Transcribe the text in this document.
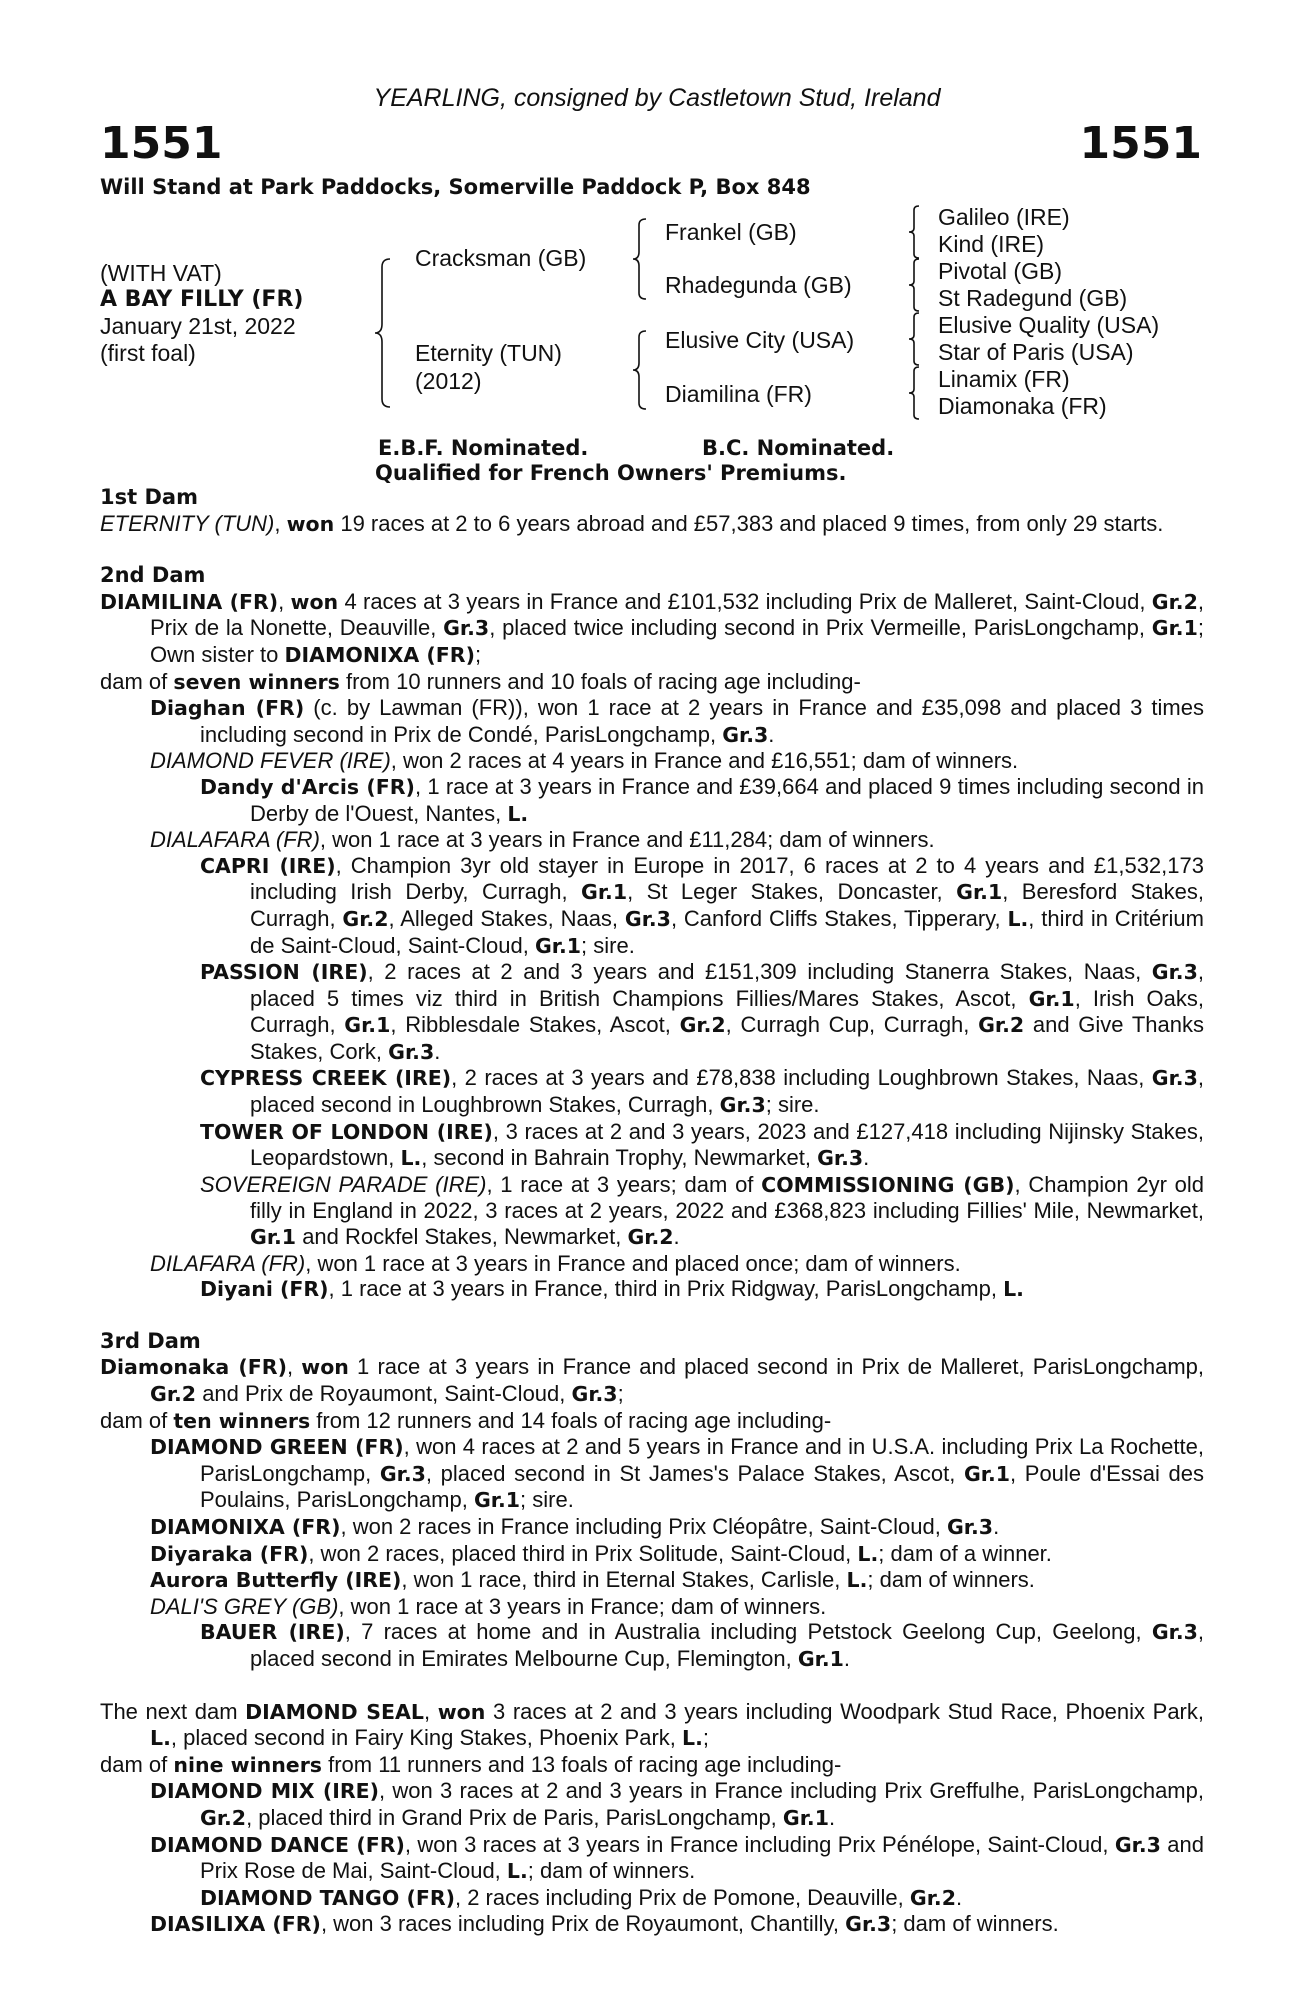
YEARLING, consigned by Castletown Stud, Ireland
1551	1551
Will Stand at Park Paddocks, Somerville Paddock P, Box 848
(WITH VAT)
A BAY FILLY (FR)
January 21st, 2022
(first foal)
Cracksman (GB)
Eternity (TUN)
(2012)
Frankel (GB)
Rhadegunda (GB)
Elusive City (USA)
Diamilina (FR)
Galileo (IRE)
Kind (IRE)
Pivotal (GB)
St Radegund (GB)
Elusive Quality (USA)
Star of Paris (USA)
Linamix (FR)
Diamonaka (FR)
E.B.F. Nominated.	B.C. Nominated.
Qualified for French Owners' Premiums.
1st Dam
ETERNITY (TUN), won 19 races at 2 to 6 years abroad and £57,383 and placed 9 times, from only 29 starts.
2nd Dam
DIAMILINA (FR), won 4 races at 3 years in France and £101,532 including Prix de Malleret, Saint-Cloud, Gr.2, Prix de la Nonette, Deauville, Gr.3, placed twice including second in Prix Vermeille, ParisLongchamp, Gr.1; Own sister to DIAMONIXA (FR);
dam of seven winners from 10 runners and 10 foals of racing age including-
Diaghan (FR) (c. by Lawman (FR)), won 1 race at 2 years in France and £35,098 and placed 3 times including second in Prix de Condé, ParisLongchamp, Gr.3.
DIAMOND FEVER (IRE), won 2 races at 4 years in France and £16,551; dam of winners.
Dandy d'Arcis (FR), 1 race at 3 years in France and £39,664 and placed 9 times including second in Derby de l'Ouest, Nantes, L.
DIALAFARA (FR), won 1 race at 3 years in France and £11,284; dam of winners.
CAPRI (IRE), Champion 3yr old stayer in Europe in 2017, 6 races at 2 to 4 years and £1,532,173 including Irish Derby, Curragh, Gr.1, St Leger Stakes, Doncaster, Gr.1, Beresford Stakes, Curragh, Gr.2, Alleged Stakes, Naas, Gr.3, Canford Cliffs Stakes, Tipperary, L., third in Critérium de Saint-Cloud, Saint-Cloud, Gr.1; sire.
PASSION (IRE), 2 races at 2 and 3 years and £151,309 including Stanerra Stakes, Naas, Gr.3, placed 5 times viz third in British Champions Fillies/Mares Stakes, Ascot, Gr.1, Irish Oaks, Curragh, Gr.1, Ribblesdale Stakes, Ascot, Gr.2, Curragh Cup, Curragh, Gr.2 and Give Thanks Stakes, Cork, Gr.3.
CYPRESS CREEK (IRE), 2 races at 3 years and £78,838 including Loughbrown Stakes, Naas, Gr.3, placed second in Loughbrown Stakes, Curragh, Gr.3; sire.
TOWER OF LONDON (IRE), 3 races at 2 and 3 years, 2023 and £127,418 including Nijinsky Stakes, Leopardstown, L., second in Bahrain Trophy, Newmarket, Gr.3.
SOVEREIGN PARADE (IRE), 1 race at 3 years; dam of COMMISSIONING (GB), Champion 2yr old filly in England in 2022, 3 races at 2 years, 2022 and £368,823 including Fillies' Mile, Newmarket, Gr.1 and Rockfel Stakes, Newmarket, Gr.2.
DILAFARA (FR), won 1 race at 3 years in France and placed once; dam of winners.
Diyani (FR), 1 race at 3 years in France, third in Prix Ridgway, ParisLongchamp, L.
3rd Dam
Diamonaka (FR), won 1 race at 3 years in France and placed second in Prix de Malleret, ParisLongchamp, Gr.2 and Prix de Royaumont, Saint-Cloud, Gr.3;
dam of ten winners from 12 runners and 14 foals of racing age including-
DIAMOND GREEN (FR), won 4 races at 2 and 5 years in France and in U.S.A. including Prix La Rochette, ParisLongchamp, Gr.3, placed second in St James's Palace Stakes, Ascot, Gr.1, Poule d'Essai des Poulains, ParisLongchamp, Gr.1; sire.
DIAMONIXA (FR), won 2 races in France including Prix Cléopâtre, Saint-Cloud, Gr.3.
Diyaraka (FR), won 2 races, placed third in Prix Solitude, Saint-Cloud, L.; dam of a winner.
Aurora Butterfly (IRE), won 1 race, third in Eternal Stakes, Carlisle, L.; dam of winners.
DALI'S GREY (GB), won 1 race at 3 years in France; dam of winners.
BAUER (IRE), 7 races at home and in Australia including Petstock Geelong Cup, Geelong, Gr.3, placed second in Emirates Melbourne Cup, Flemington, Gr.1.
The next dam DIAMOND SEAL, won 3 races at 2 and 3 years including Woodpark Stud Race, Phoenix Park, L., placed second in Fairy King Stakes, Phoenix Park, L.;
dam of nine winners from 11 runners and 13 foals of racing age including-
DIAMOND MIX (IRE), won 3 races at 2 and 3 years in France including Prix Greffulhe, ParisLongchamp, Gr.2, placed third in Grand Prix de Paris, ParisLongchamp, Gr.1.
DIAMOND DANCE (FR), won 3 races at 3 years in France including Prix Pénélope, Saint-Cloud, Gr.3 and Prix Rose de Mai, Saint-Cloud, L.; dam of winners.
DIAMOND TANGO (FR), 2 races including Prix de Pomone, Deauville, Gr.2.
DIASILIXA (FR), won 3 races including Prix de Royaumont, Chantilly, Gr.3; dam of winners.
